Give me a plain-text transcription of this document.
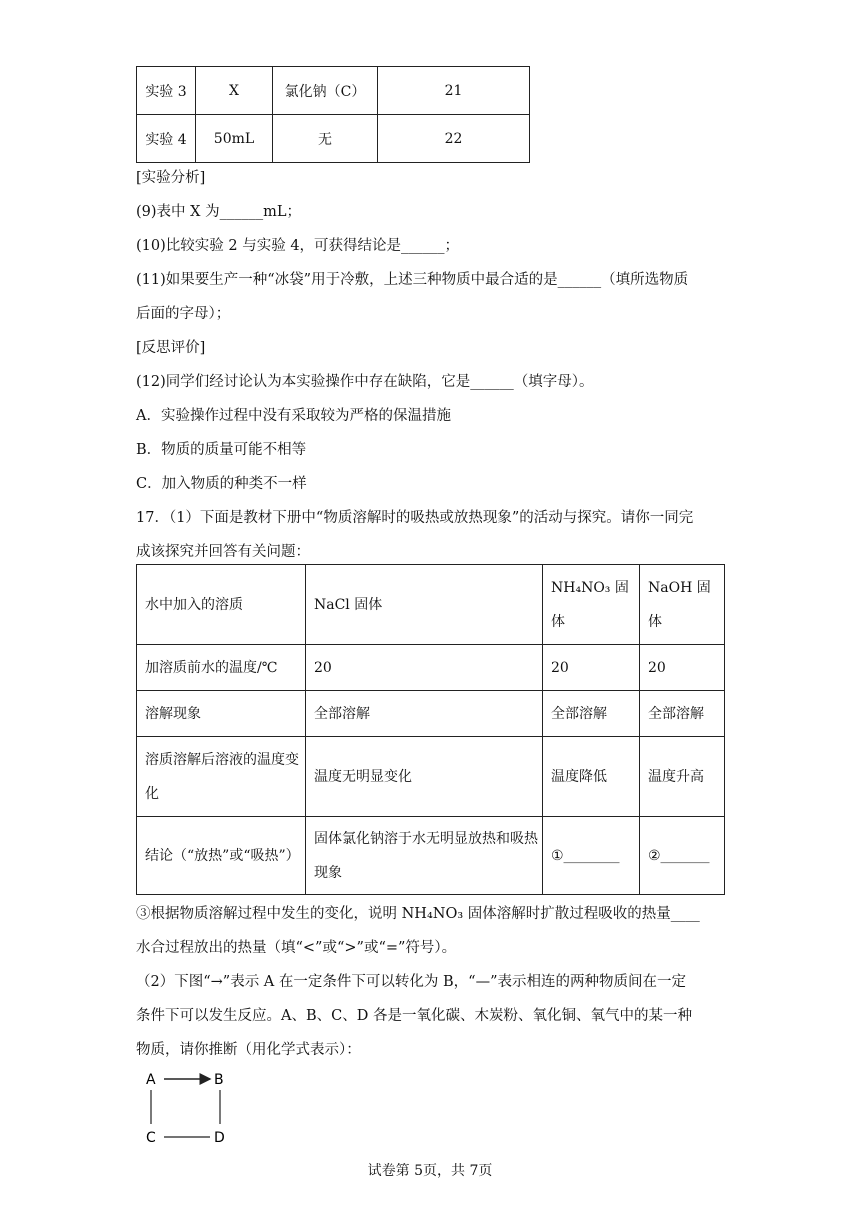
实验 3	X	氯化钠（C）	21
实验 4	50mL	无	22
[实验分析]
(9)表中 X 为______mL；
(10)比较实验 2 与实验 4，可获得结论是______；
(11)如果要生产一种“冰袋”用于冷敷，上述三种物质中最合适的是______（填所选物质
后面的字母）；
[反思评价]
(12)同学们经讨论认为本实验操作中存在缺陷，它是______（填字母）。
A．实验操作过程中没有采取较为严格的保温措施
B．物质的质量可能不相等
C．加入物质的种类不一样
17．（1）下面是教材下册中“物质溶解时的吸热或放热现象”的活动与探究。请你一同完
成该探究并回答有关问题：
水中加入的溶质	NaCl 固体	NH₄NO₃ 固体	NaOH 固体
加溶质前水的温度/℃	20	20	20
溶解现象	全部溶解	全部溶解	全部溶解
溶质溶解后溶液的温度变化	温度无明显变化	温度降低	温度升高
结论（“放热”或“吸热”）	固体氯化钠溶于水无明显放热和吸热现象	①________	②_______
③根据物质溶解过程中发生的变化，说明 NH₄NO₃ 固体溶解时扩散过程吸收的热量____
水合过程放出的热量（填“<”或“>”或“=”符号）。
（2）下图“→”表示 A 在一定条件下可以转化为 B，“—”表示相连的两种物质间在一定
条件下可以发生反应。A、B、C、D 各是一氧化碳、木炭粉、氧化铜、氧气中的某一种
物质，请你推断（用化学式表示）：
A	B
C	D
试卷第 5页，共 7页
